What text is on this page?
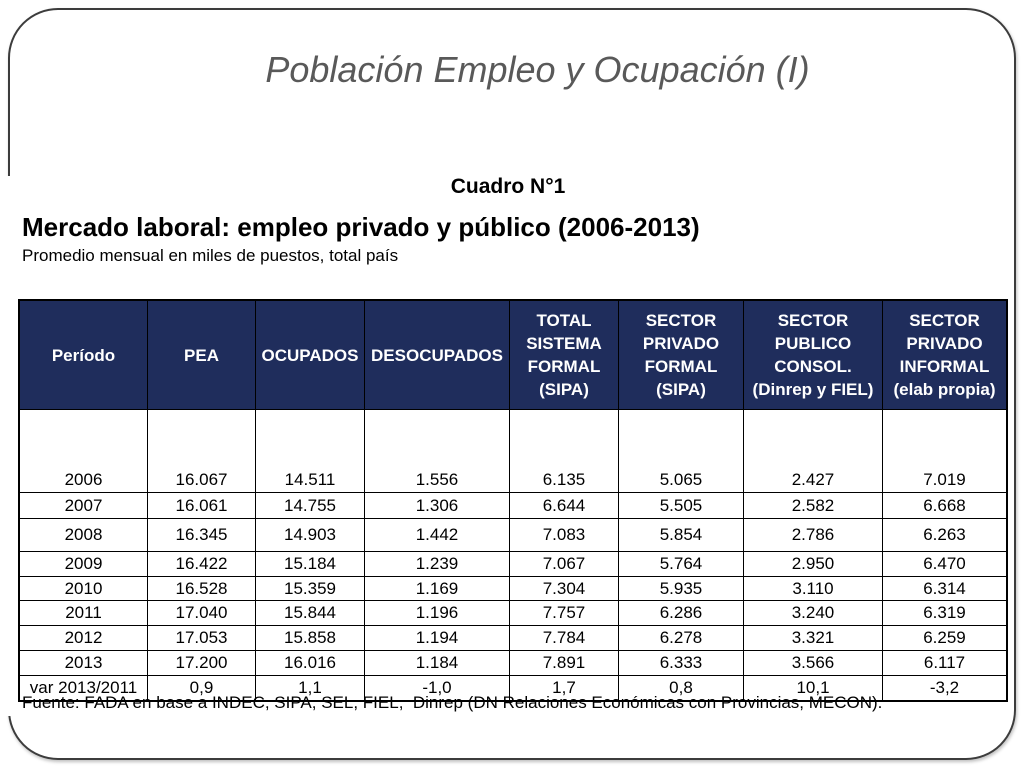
Población Empleo y Ocupación (I)
Cuadro N°1
Mercado laboral: empleo privado y público (2006-2013)
Promedio mensual en miles de puestos, total país
Período	PEA	OCUPADOS	DESOCUPADOS	TOTAL
SISTEMA
FORMAL
(SIPA)	SECTOR
PRIVADO
FORMAL
(SIPA)	SECTOR
PUBLICO
CONSOL.
(Dinrep y FIEL)	SECTOR
PRIVADO
INFORMAL
(elab propia)

2006	16.067	14.511	1.556	6.135	5.065	2.427	7.019
2007	16.061	14.755	1.306	6.644	5.505	2.582	6.668
2008	16.345	14.903	1.442	7.083	5.854	2.786	6.263
2009	16.422	15.184	1.239	7.067	5.764	2.950	6.470
2010	16.528	15.359	1.169	7.304	5.935	3.110	6.314
2011	17.040	15.844	1.196	7.757	6.286	3.240	6.319
2012	17.053	15.858	1.194	7.784	6.278	3.321	6.259
2013	17.200	16.016	1.184	7.891	6.333	3.566	6.117
var 2013/2011	0,9	1,1	-1,0	1,7	0,8	10,1	-3,2
Fuente: FADA en base a INDEC, SIPA, SEL, FIEL,  Dinrep (DN Relaciones Económicas con Provincias, MECON).
